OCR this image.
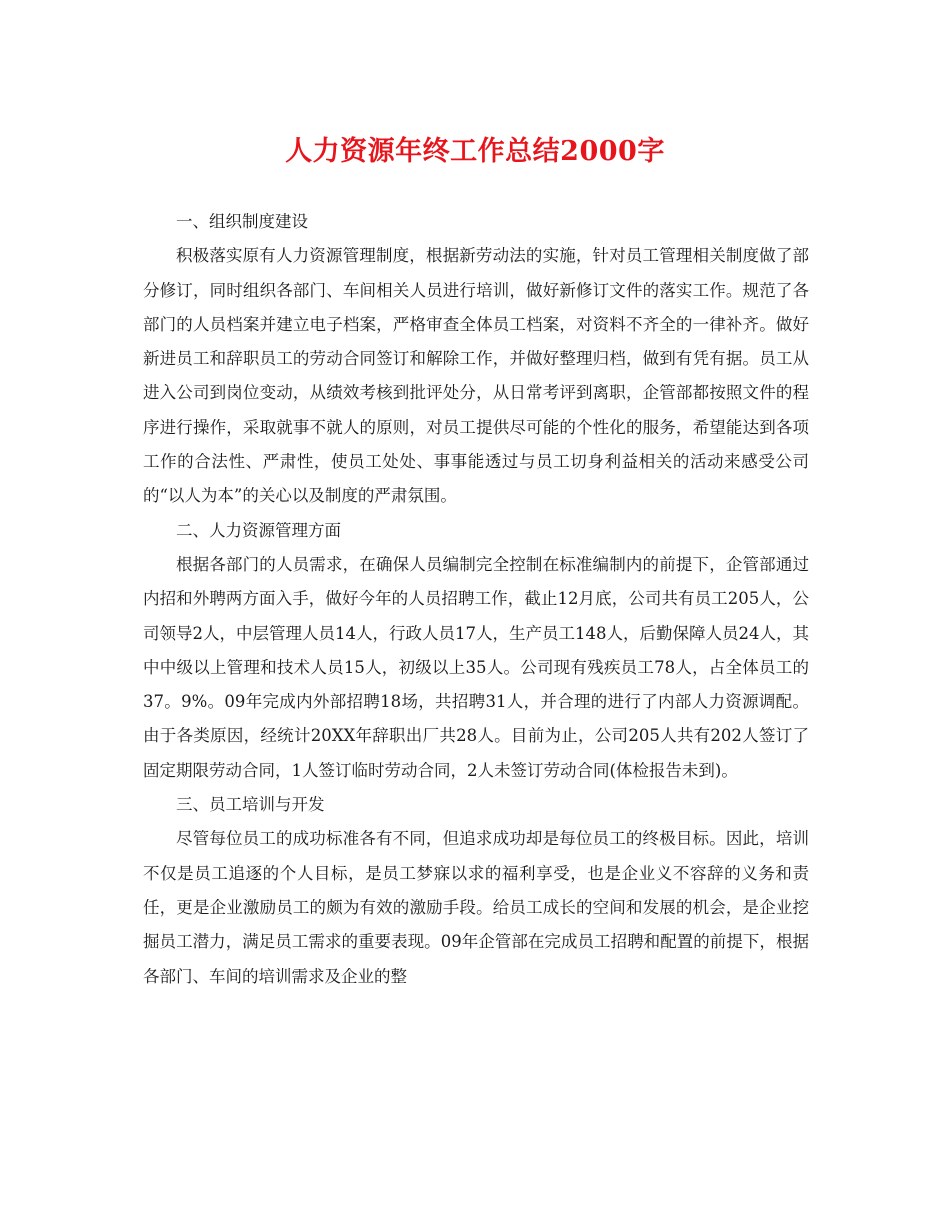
人力资源年终工作总结2000字

一、组织制度建设

积极落实原有人力资源管理制度，根据新劳动法的实施，针对员工管理相关制度做了部分修订，同时组织各部门、车间相关人员进行培训，做好新修订文件的落实工作。规范了各部门的人员档案并建立电子档案，严格审查全体员工档案，对资料不齐全的一律补齐。做好新进员工和辞职员工的劳动合同签订和解除工作，并做好整理归档，做到有凭有据。员工从进入公司到岗位变动，从绩效考核到批评处分，从日常考评到离职，企管部都按照文件的程序进行操作，采取就事不就人的原则，对员工提供尽可能的个性化的服务，希望能达到各项工作的合法性、严肃性，使员工处处、事事能透过与员工切身利益相关的活动来感受公司的“以人为本”的关心以及制度的严肃氛围。

二、人力资源管理方面

根据各部门的人员需求，在确保人员编制完全控制在标准编制内的前提下，企管部通过内招和外聘两方面入手，做好今年的人员招聘工作，截止12月底，公司共有员工205人，公司领导2人，中层管理人员14人，行政人员17人，生产员工148人，后勤保障人员24人，其中中级以上管理和技术人员15人，初级以上35人。公司现有残疾员工78人，占全体员工的37。9%。09年完成内外部招聘18场，共招聘31人，并合理的进行了内部人力资源调配。由于各类原因，经统计20XX年辞职出厂共28人。目前为止，公司205人共有202人签订了固定期限劳动合同，1人签订临时劳动合同，2人未签订劳动合同(体检报告未到)。

三、员工培训与开发

尽管每位员工的成功标准各有不同，但追求成功却是每位员工的终极目标。因此，培训不仅是员工追逐的个人目标，是员工梦寐以求的福利享受，也是企业义不容辞的义务和责任，更是企业激励员工的颇为有效的激励手段。给员工成长的空间和发展的机会，是企业挖掘员工潜力，满足员工需求的重要表现。09年企管部在完成员工招聘和配置的前提下，根据各部门、车间的培训需求及企业的整
